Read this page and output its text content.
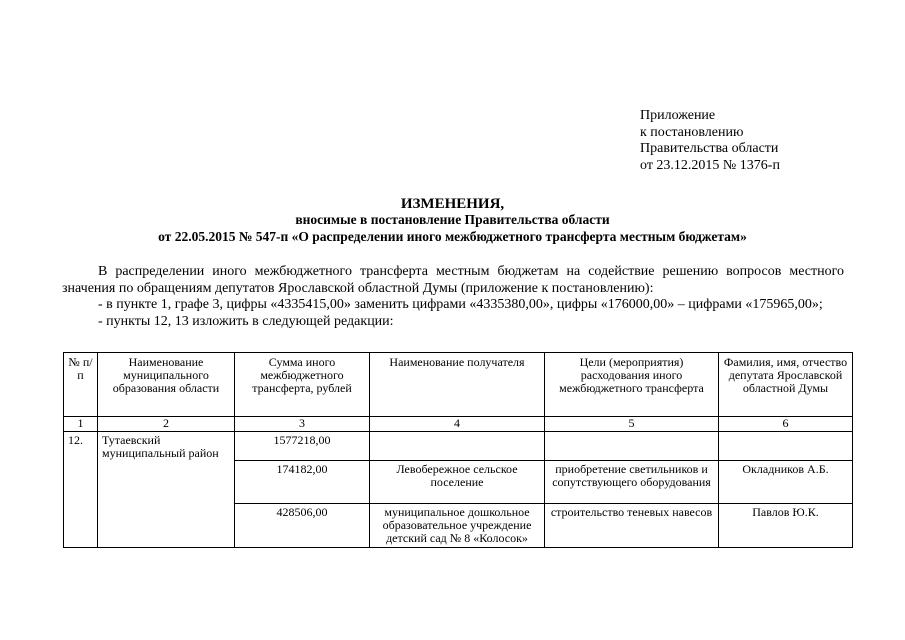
Приложение
к постановлению
Правительства области
от 23.12.2015 № 1376-п
ИЗМЕНЕНИЯ,
вносимые в постановление Правительства области
от 22.05.2015 № 547-п «О распределении иного межбюджетного трансферта местным бюджетам»

В распределении иного межбюджетного трансферта местным бюджетам на содействие решению вопросов местного значения по обращениям депутатов Ярославской областной Думы (приложение к постановлению):

- в пункте 1, графе 3, цифры «4335415,00» заменить цифрами «4335380,00», цифры «176000,00» – цифрами «175965,00»;

- пункты 12, 13 изложить в следующей редакции:

№ п/п	Наименование муниципального образования области	Сумма иного межбюджетного трансферта, рублей	Наименование получателя	Цели (мероприятия) расходования иного межбюджетного трансферта	Фамилия, имя, отчество депутата Ярославской областной Думы
1	2	3	4	5	6
12.	Тутаевский муниципальный район	1577218,00			
		174182,00	Левобережное сельское поселение	приобретение светильников и сопутствующего оборудования	Окладников А.Б.
		428506,00	муниципальное дошкольное образовательное учреждение детский сад № 8 «Колосок»	строительство теневых навесов	Павлов Ю.К.
